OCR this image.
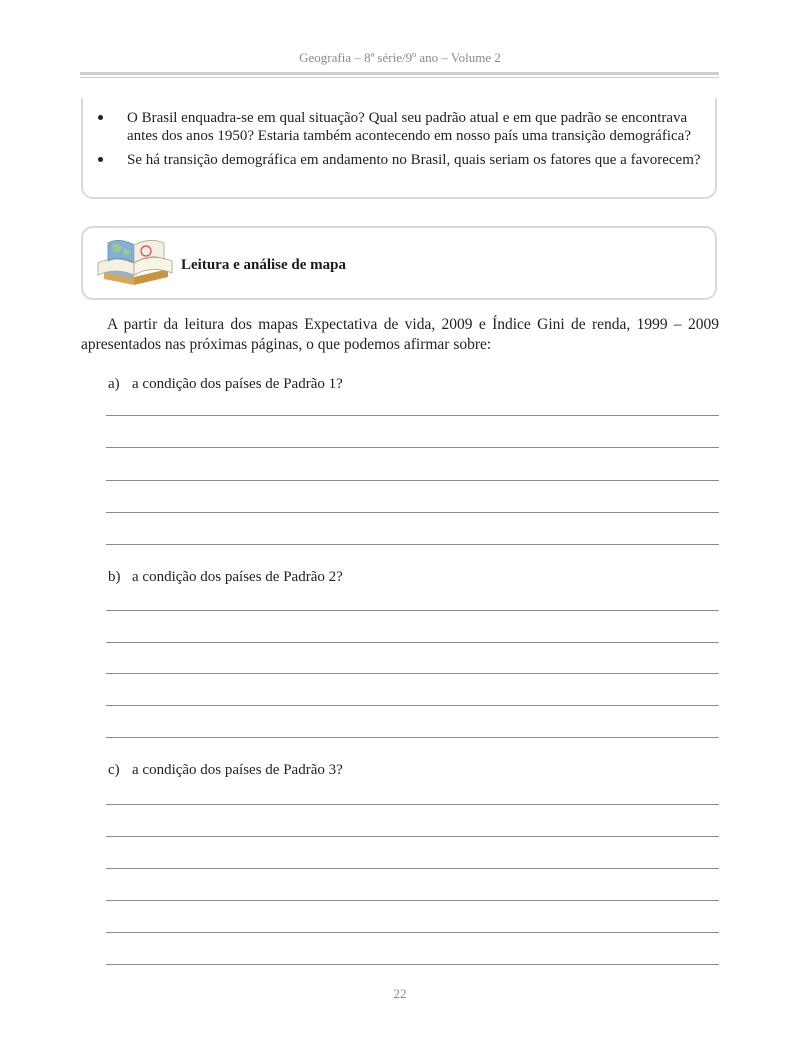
Geografia – 8ª série/9º ano – Volume 2
O Brasil enquadra-se em qual situação? Qual seu padrão atual e em que padrão se encontrava antes dos anos 1950? Estaria também acontecendo em nosso país uma transição demográfica?
Se há transição demográfica em andamento no Brasil, quais seriam os fatores que a favorecem?
Leitura e análise de mapa
A partir da leitura dos mapas Expectativa de vida, 2009 e Índice Gini de renda, 1999 – 2009 apresentados nas próximas páginas, o que podemos afirmar sobre:
a) a condição dos países de Padrão 1?
b) a condição dos países de Padrão 2?
c) a condição dos países de Padrão 3?
22
